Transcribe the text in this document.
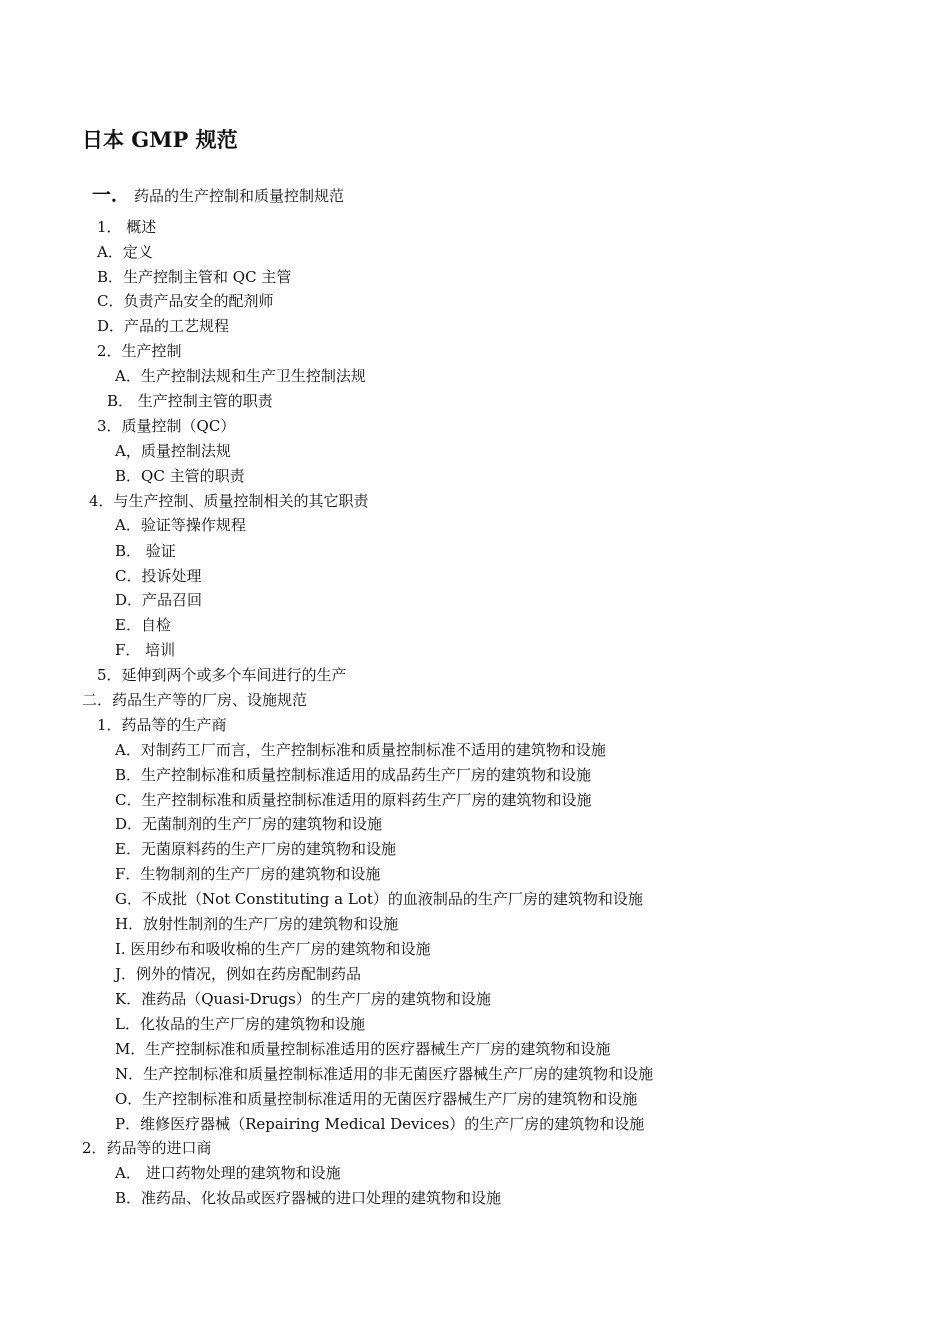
日本 GMP 规范
一． 药品的生产控制和质量控制规范
1． 概述
A．定义
B．生产控制主管和 QC 主管
C．负责产品安全的配剂师
D．产品的工艺规程
2．生产控制
A．生产控制法规和生产卫生控制法规
B． 生产控制主管的职责
3．质量控制（QC）
A，质量控制法规
B．QC 主管的职责
4．与生产控制、质量控制相关的其它职责
A．验证等操作规程
B． 验证
C．投诉处理
D．产品召回
E．自检
F． 培训
5．延伸到两个或多个车间进行的生产
二．药品生产等的厂房、设施规范
1．药品等的生产商
A．对制药工厂而言，生产控制标准和质量控制标准不适用的建筑物和设施
B．生产控制标准和质量控制标准适用的成品药生产厂房的建筑物和设施
C．生产控制标准和质量控制标准适用的原料药生产厂房的建筑物和设施
D．无菌制剂的生产厂房的建筑物和设施
E．无菌原料药的生产厂房的建筑物和设施
F．生物制剂的生产厂房的建筑物和设施
G．不成批（Not Constituting a Lot）的血液制品的生产厂房的建筑物和设施
H．放射性制剂的生产厂房的建筑物和设施
I. 医用纱布和吸收棉的生产厂房的建筑物和设施
J．例外的情况，例如在药房配制药品
K．准药品（Quasi-Drugs）的生产厂房的建筑物和设施
L．化妆品的生产厂房的建筑物和设施
M．生产控制标准和质量控制标准适用的医疗器械生产厂房的建筑物和设施
N．生产控制标准和质量控制标准适用的非无菌医疗器械生产厂房的建筑物和设施
O．生产控制标准和质量控制标准适用的无菌医疗器械生产厂房的建筑物和设施
P．维修医疗器械（Repairing Medical Devices）的生产厂房的建筑物和设施
2．药品等的进口商
A． 进口药物处理的建筑物和设施
B．准药品、化妆品或医疗器械的进口处理的建筑物和设施
